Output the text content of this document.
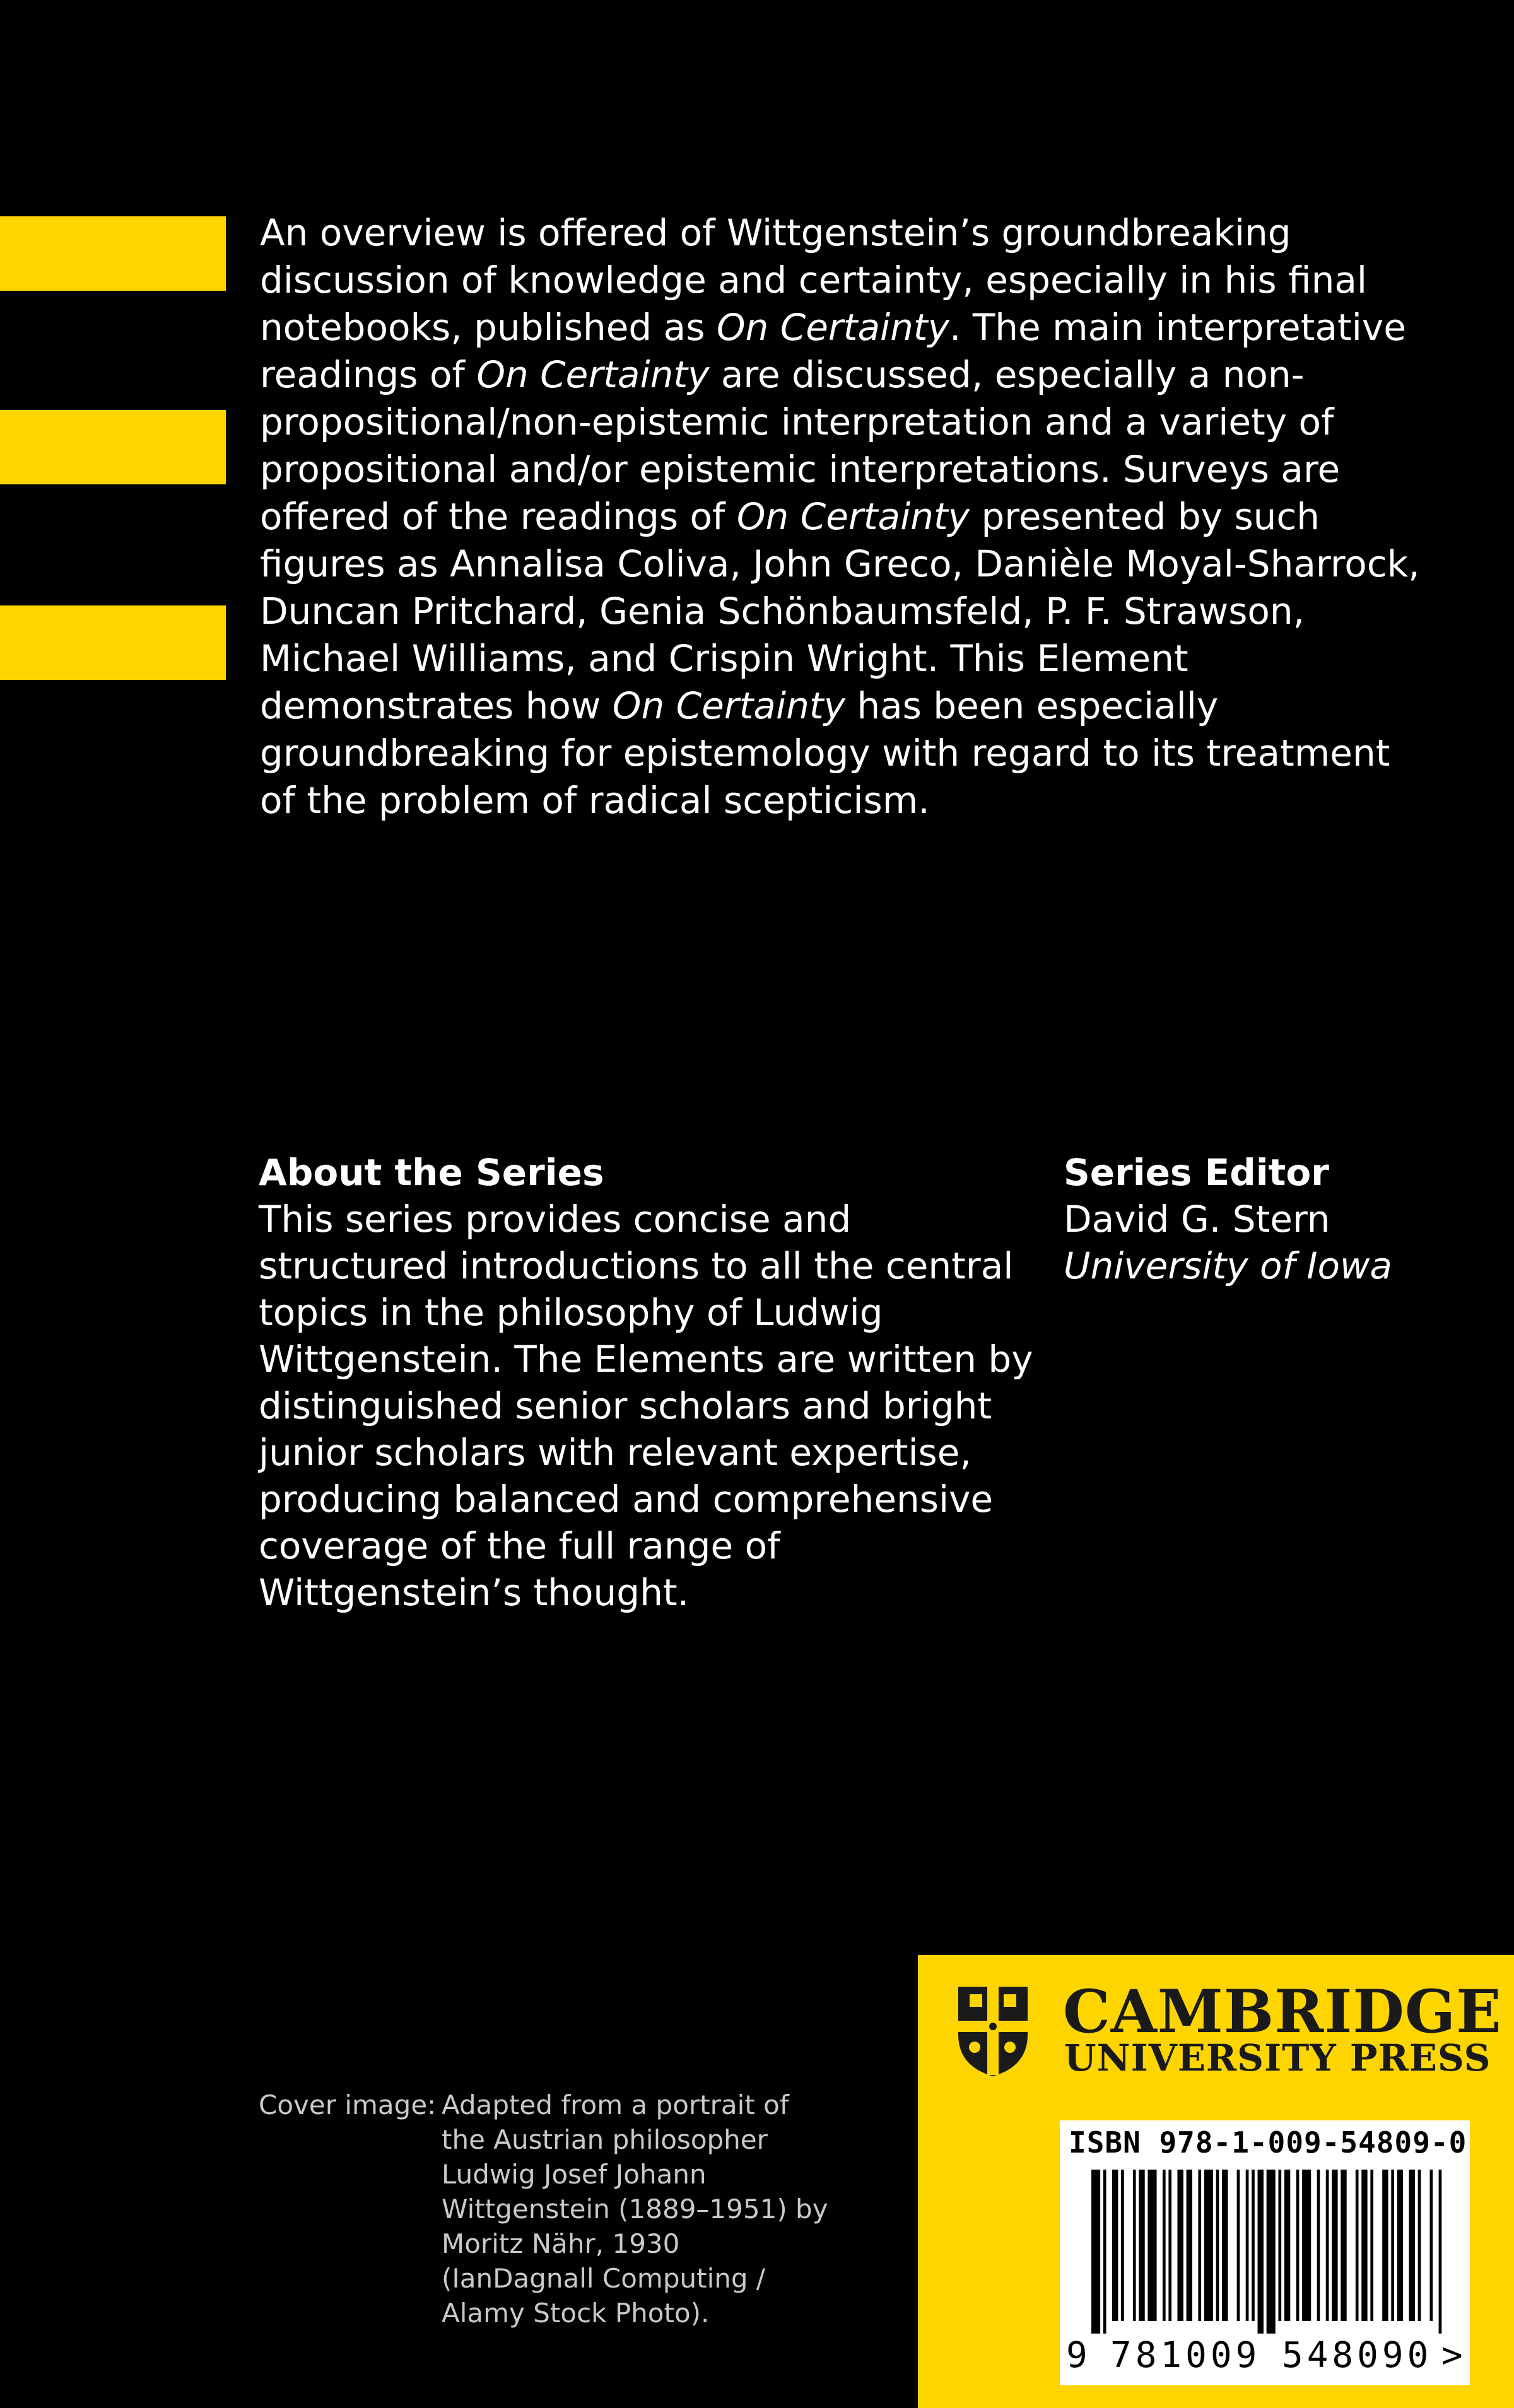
An overview is offered of Wittgenstein’s groundbreaking discussion of knowledge and certainty, especially in his final notebooks, published as On Certainty. The main interpretative readings of On Certainty are discussed, especially a non-propositional/non-epistemic interpretation and a variety of propositional and/or epistemic interpretations. Surveys are offered of the readings of On Certainty presented by such figures as Annalisa Coliva, John Greco, Danièle Moyal-Sharrock, Duncan Pritchard, Genia Schönbaumsfeld, P. F. Strawson, Michael Williams, and Crispin Wright. This Element demonstrates how On Certainty has been especially groundbreaking for epistemology with regard to its treatment of the problem of radical scepticism.

About the Series

This series provides concise and structured introductions to all the central topics in the philosophy of Ludwig Wittgenstein. The Elements are written by distinguished senior scholars and bright junior scholars with relevant expertise, producing balanced and comprehensive coverage of the full range of Wittgenstein’s thought.

Series Editor

David G. Stern

University of Iowa

Cover image: Adapted from a portrait of the Austrian philosopher Ludwig Josef Johann Wittgenstein (1889–1951) by Moritz Nähr, 1930 (IanDagnall Computing / Alamy Stock Photo).
CAMBRIDGE
UNIVERSITY PRESS
ISBN 978-1-009-54809-0
9 781009 548090 >
